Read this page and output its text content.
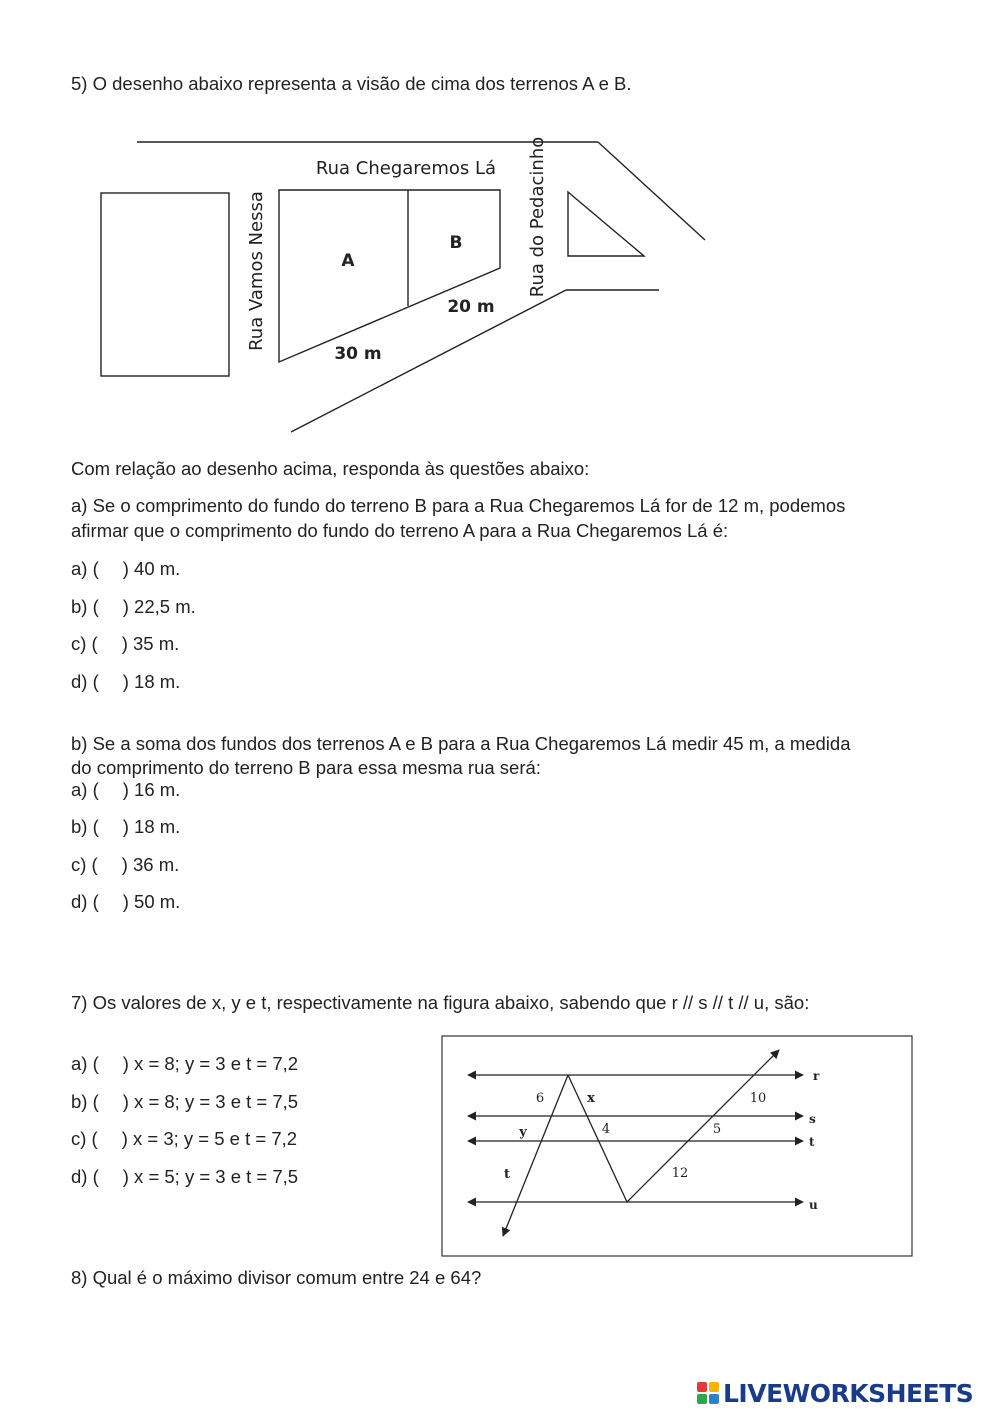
5) O desenho abaixo representa a visão de cima dos terrenos A e B.
Rua Chegaremos Lá
Rua Vamos Nessa	Rua do Pedacinho
A
B
30 m
20 m
Com relação ao desenho acima, responda às questões abaixo:
a) Se o comprimento do fundo do terreno B para a Rua Chegaremos Lá for de 12 m, podemos
afirmar que o comprimento do fundo do terreno A para a Rua Chegaremos Lá é:
a) ( ) 40 m.
b) ( ) 22,5 m.
c) ( ) 35 m.
d) ( ) 18 m.
b) Se a soma dos fundos dos terrenos A e B para a Rua Chegaremos Lá medir 45 m, a medida
do comprimento do terreno B para essa mesma rua será:
a) ( ) 16 m.
b) ( ) 18 m.
c) ( ) 36 m.
d) ( ) 50 m.
7) Os valores de x, y e t, respectivamente na figura abaixo, sabendo que r // s // t // u, são:
a) ( ) x = 8; y = 3 e t = 7,2
b) ( ) x = 8; y = 3 e t = 7,5
c) ( ) x = 3; y = 5 e t = 7,2
d) ( ) x = 5; y = 3 e t = 7,5
r
s
t
u
6	x
y	4
t
10
5
12
8) Qual é o máximo divisor comum entre 24 e 64?
LIVEWORKSHEETS
